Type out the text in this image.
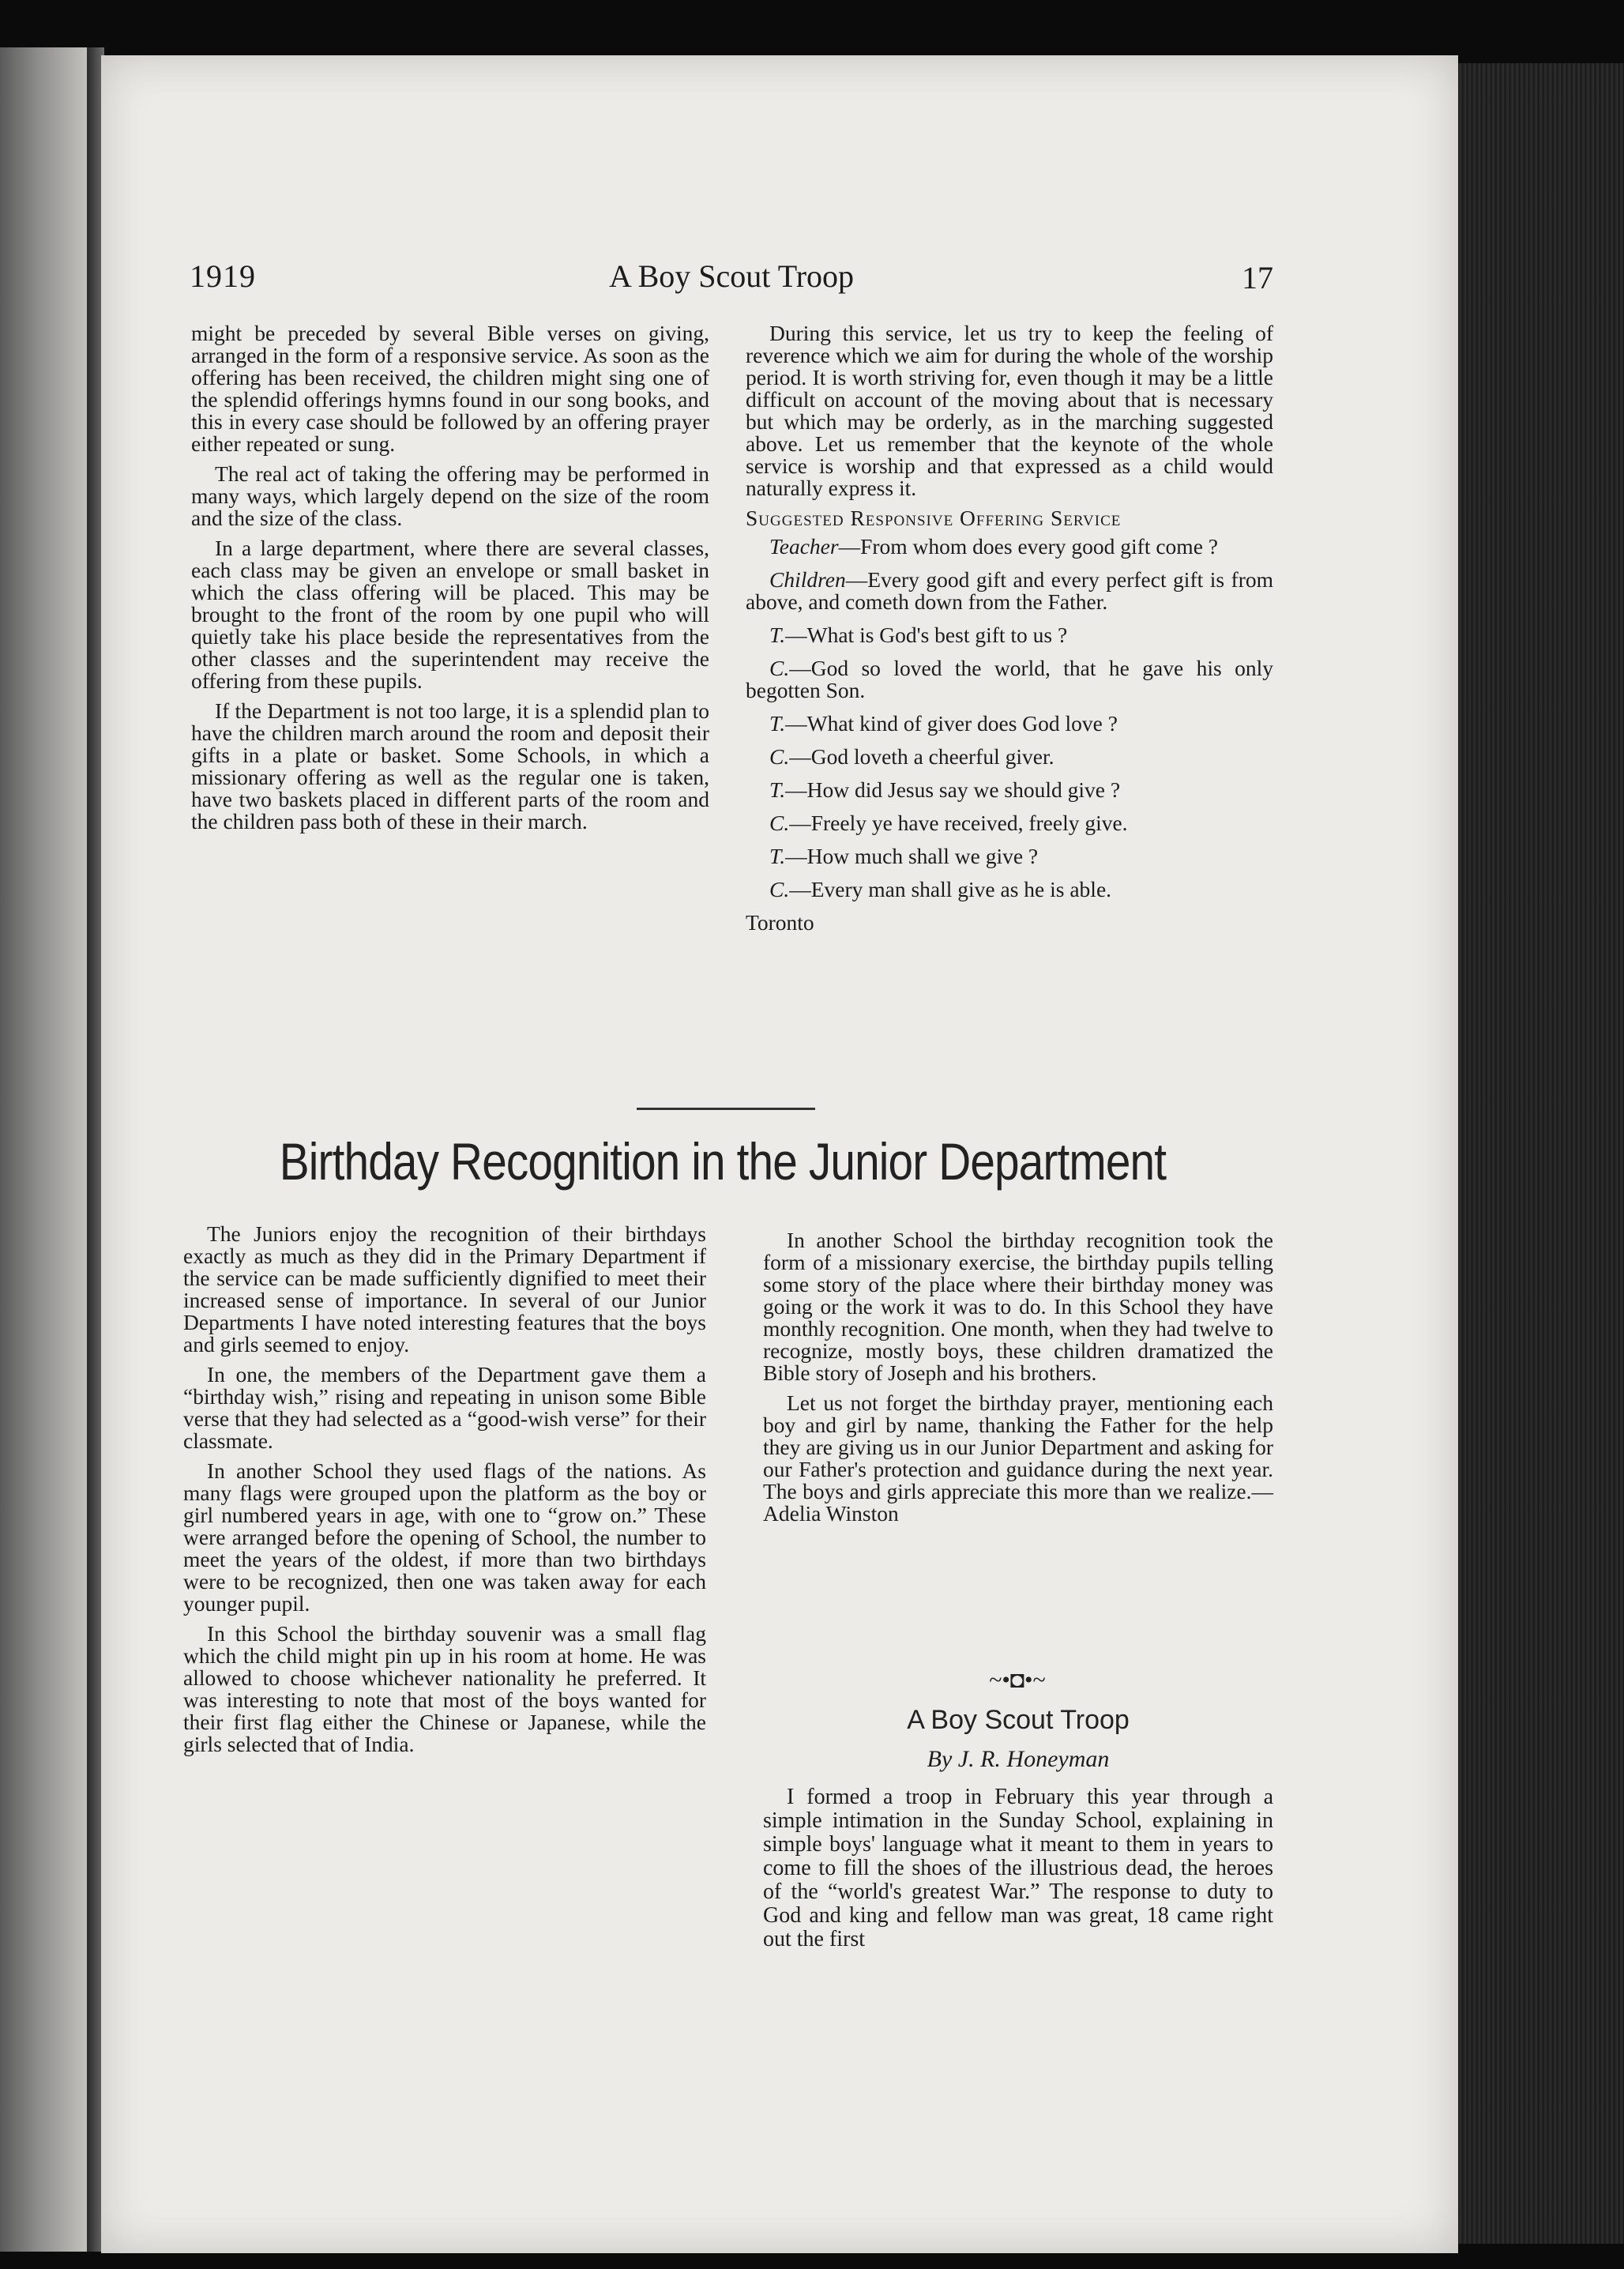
1919	A Boy Scout Troop	17

might be preceded by several Bible verses on giving, arranged in the form of a responsive service. As soon as the offering has been received, the children might sing one of the splendid offerings hymns found in our song books, and this in every case should be followed by an offering prayer either repeated or sung.

The real act of taking the offering may be performed in many ways, which largely depend on the size of the room and the size of the class.

In a large department, where there are several classes, each class may be given an envelope or small basket in which the class offering will be placed. This may be brought to the front of the room by one pupil who will quietly take his place beside the representatives from the other classes and the superintendent may receive the offering from these pupils.

If the Department is not too large, it is a splendid plan to have the children march around the room and deposit their gifts in a plate or basket. Some Schools, in which a missionary offering as well as the regular one is taken, have two baskets placed in different parts of the room and the children pass both of these in their march.

During this service, let us try to keep the feeling of reverence which we aim for during the whole of the worship period. It is worth striving for, even though it may be a little difficult on account of the moving about that is necessary but which may be orderly, as in the marching suggested above. Let us remember that the keynote of the whole service is worship and that expressed as a child would naturally express it.

Suggested Responsive Offering Service

Teacher—From whom does every good gift come ?

Children—Every good gift and every perfect gift is from above, and cometh down from the Father.

T.—What is God's best gift to us ?

C.—God so loved the world, that he gave his only begotten Son.

T.—What kind of giver does God love ?

C.—God loveth a cheerful giver.

T.—How did Jesus say we should give ?

C.—Freely ye have received, freely give.

T.—How much shall we give ?

C.—Every man shall give as he is able.

Toronto

Birthday Recognition in the Junior Department

The Juniors enjoy the recognition of their birthdays exactly as much as they did in the Primary Department if the service can be made sufficiently dignified to meet their increased sense of importance. In several of our Junior Departments I have noted interesting features that the boys and girls seemed to enjoy.

In one, the members of the Department gave them a “birthday wish,” rising and repeating in unison some Bible verse that they had selected as a “good-wish verse” for their classmate.

In another School they used flags of the nations. As many flags were grouped upon the platform as the boy or girl numbered years in age, with one to “grow on.” These were arranged before the opening of School, the number to meet the years of the oldest, if more than two birthdays were to be recognized, then one was taken away for each younger pupil.

In this School the birthday souvenir was a small flag which the child might pin up in his room at home. He was allowed to choose whichever nationality he preferred. It was interesting to note that most of the boys wanted for their first flag either the Chinese or Japanese, while the girls selected that of India.

In another School the birthday recognition took the form of a missionary exercise, the birthday pupils telling some story of the place where their birthday money was going or the work it was to do. In this School they have monthly recognition. One month, when they had twelve to recognize, mostly boys, these children dramatized the Bible story of Joseph and his brothers.

Let us not forget the birthday prayer, mentioning each boy and girl by name, thanking the Father for the help they are giving us in our Junior Department and asking for our Father's protection and guidance during the next year. The boys and girls appreciate this more than we realize.—Adelia Winston

~•◘•~
A Boy Scout Troop
By J. R. Honeyman

I formed a troop in February this year through a simple intimation in the Sunday School, explaining in simple boys' language what it meant to them in years to come to fill the shoes of the illustrious dead, the heroes of the “world's greatest War.” The response to duty to God and king and fellow man was great, 18 came right out the first
